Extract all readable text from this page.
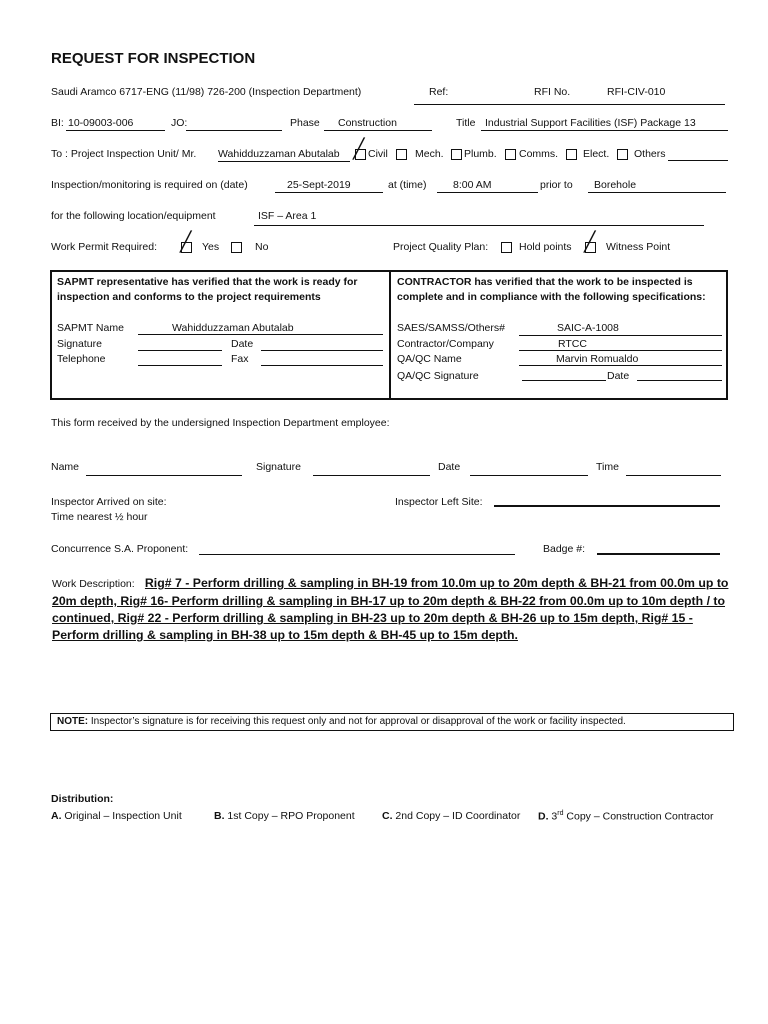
REQUEST FOR INSPECTION
Saudi Aramco 6717-ENG (11/98) 726-200 (Inspection Department)	Ref:	RFI No.	RFI-CIV-010
BI: 10-09003-006	JO:	Phase Construction	Title Industrial Support Facilities (ISF) Package 13
To : Project Inspection Unit/ Mr. Wahidduzzaman Abutalab ╱ Civil	Mech. Plumb. Comms. Elect. Others
Inspection/monitoring is required on (date)	25-Sept-2019	at (time)	8:00 AM	prior to Borehole
for the following location/equipment	ISF – Area 1
Work Permit Required: ╱ Yes	No	Project Quality Plan:	Hold points ╱ Witness Point
SAPMT representative has verified that the work is ready for inspection and conforms to the project requirements
SAPMT Name	Wahidduzzaman Abutalab
Signature	Date
Telephone	Fax
CONTRACTOR has verified that the work to be inspected is complete and in compliance with the following specifications:
SAES/SAMSS/Others#	SAIC-A-1008
Contractor/Company	RTCC
QA/QC Name	Marvin Romualdo
QA/QC Signature	Date
This form received by the undersigned Inspection Department employee:
Name	Signature	Date	Time
Inspector Arrived on site:
Time nearest ½ hour
Inspector Left Site:
Concurrence S.A. Proponent:	Badge #:
Work Description: Rig# 7 - Perform drilling & sampling in BH-19 from 10.0m up to 20m depth & BH-21 from 00.0m up to 20m depth, Rig# 16- Perform drilling & sampling in BH-17 up to 20m depth & BH-22 from 00.0m up to 10m depth / to continued, Rig# 22 - Perform drilling & sampling in BH-23 up to 20m depth & BH-26 up to 15m depth, Rig# 15 - Perform drilling & sampling in BH-38 up to 15m depth & BH-45 up to 15m depth.
NOTE: Inspector’s signature is for receiving this request only and not for approval or disapproval of the work or facility inspected.
Distribution:
A. Original – Inspection Unit	B. 1st Copy – RPO Proponent	C. 2nd Copy – ID Coordinator D. 3rd Copy – Construction Contractor
